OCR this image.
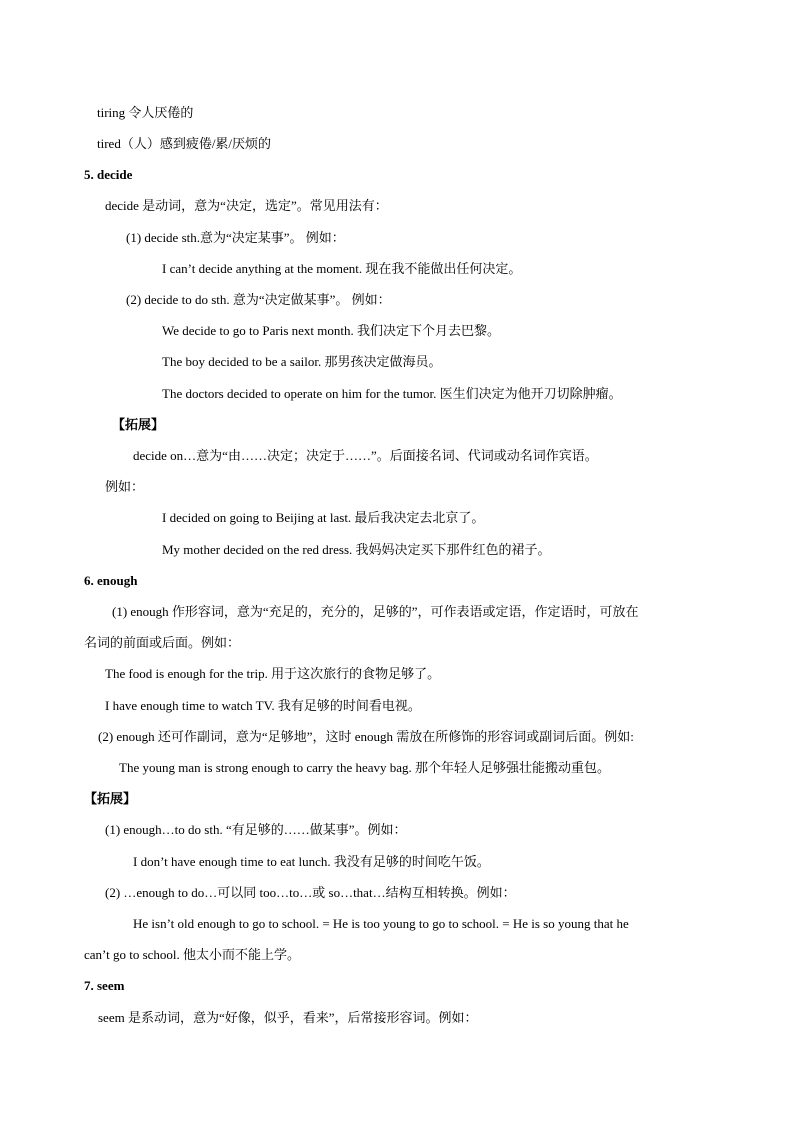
tiring 令人厌倦的
tired（人）感到疲倦/累/厌烦的
5. decide
decide 是动词，意为“决定，选定”。常见用法有：
(1) decide sth.意为“决定某事”。 例如：
I can’t decide anything at the moment. 现在我不能做出任何决定。
(2) decide to do sth. 意为“决定做某事”。 例如：
We decide to go to Paris next month. 我们决定下个月去巴黎。
The boy decided to be a sailor. 那男孩决定做海员。
The doctors decided to operate on him for the tumor. 医生们决定为他开刀切除肿瘤。
【拓展】
decide on…意为“由……决定；决定于……”。后面接名词、代词或动名词作宾语。
例如：
I decided on going to Beijing at last. 最后我决定去北京了。
My mother decided on the red dress. 我妈妈决定买下那件红色的裙子。
6. enough
(1) enough 作形容词，意为“充足的，充分的，足够的”，可作表语或定语，作定语时，可放在
名词的前面或后面。例如：
The food is enough for the trip. 用于这次旅行的食物足够了。
I have enough time to watch TV. 我有足够的时间看电视。
(2) enough 还可作副词，意为“足够地”，这时 enough 需放在所修饰的形容词或副词后面。例如:
The young man is strong enough to carry the heavy bag. 那个年轻人足够强壮能搬动重包。
【拓展】
(1) enough…to do sth. “有足够的……做某事”。例如：
I don’t have enough time to eat lunch. 我没有足够的时间吃午饭。
(2) …enough to do…可以同 too…to…或 so…that…结构互相转换。例如：
He isn’t old enough to go to school. = He is too young to go to school. = He is so young that he
can’t go to school. 他太小而不能上学。
7. seem
seem 是系动词，意为“好像，似乎，看来”，后常接形容词。例如：
